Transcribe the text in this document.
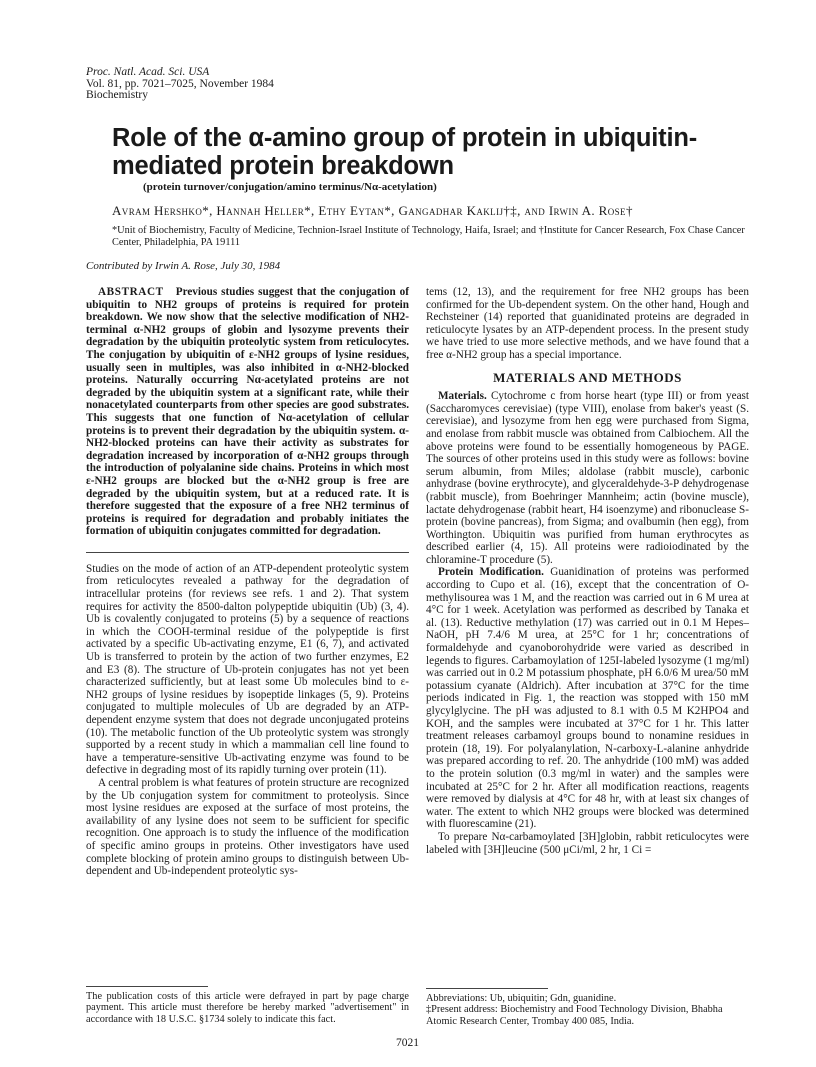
Proc. Natl. Acad. Sci. USA
Vol. 81, pp. 7021–7025, November 1984
Biochemistry
Role of the α-amino group of protein in ubiquitin-mediated protein breakdown
(protein turnover/conjugation/amino terminus/Nα-acetylation)
Avram Hershko*, Hannah Heller*, Ethy Eytan*, Gangadhar Kaklij†‡, and Irwin A. Rose†
*Unit of Biochemistry, Faculty of Medicine, Technion-Israel Institute of Technology, Haifa, Israel; and †Institute for Cancer Research, Fox Chase Cancer Center, Philadelphia, PA 19111
Contributed by Irwin A. Rose, July 30, 1984

ABSTRACT Previous studies suggest that the conjugation of ubiquitin to NH2 groups of proteins is required for protein breakdown. We now show that the selective modification of NH2-terminal α-NH2 groups of globin and lysozyme prevents their degradation by the ubiquitin proteolytic system from reticulocytes. The conjugation by ubiquitin of ε-NH2 groups of lysine residues, usually seen in multiples, was also inhibited in α-NH2-blocked proteins. Naturally occurring Nα-acetylated proteins are not degraded by the ubiquitin system at a significant rate, while their nonacetylated counterparts from other species are good substrates. This suggests that one function of Nα-acetylation of cellular proteins is to prevent their degradation by the ubiquitin system. α-NH2-blocked proteins can have their activity as substrates for degradation increased by incorporation of α-NH2 groups through the introduction of polyalanine side chains. Proteins in which most ε-NH2 groups are blocked but the α-NH2 group is free are degraded by the ubiquitin system, but at a reduced rate. It is therefore suggested that the exposure of a free NH2 terminus of proteins is required for degradation and probably initiates the formation of ubiquitin conjugates committed for degradation.

Studies on the mode of action of an ATP-dependent proteolytic system from reticulocytes revealed a pathway for the degradation of intracellular proteins (for reviews see refs. 1 and 2). That system requires for activity the 8500-dalton polypeptide ubiquitin (Ub) (3, 4). Ub is covalently conjugated to proteins (5) by a sequence of reactions in which the COOH-terminal residue of the polypeptide is first activated by a specific Ub-activating enzyme, E1 (6, 7), and activated Ub is transferred to protein by the action of two further enzymes, E2 and E3 (8). The structure of Ub-protein conjugates has not yet been characterized sufficiently, but at least some Ub molecules bind to ε-NH2 groups of lysine residues by isopeptide linkages (5, 9). Proteins conjugated to multiple molecules of Ub are degraded by an ATP-dependent enzyme system that does not degrade unconjugated proteins (10). The metabolic function of the Ub proteolytic system was strongly supported by a recent study in which a mammalian cell line found to have a temperature-sensitive Ub-activating enzyme was found to be defective in degrading most of its rapidly turning over protein (11).

A central problem is what features of protein structure are recognized by the Ub conjugation system for commitment to proteolysis. Since most lysine residues are exposed at the surface of most proteins, the availability of any lysine does not seem to be sufficient for specific recognition. One approach is to study the influence of the modification of specific amino groups in proteins. Other investigators have used complete blocking of protein amino groups to distinguish between Ub-dependent and Ub-independent proteolytic sys-

tems (12, 13), and the requirement for free NH2 groups has been confirmed for the Ub-dependent system. On the other hand, Hough and Rechsteiner (14) reported that guanidinated proteins are degraded in reticulocyte lysates by an ATP-dependent process. In the present study we have tried to use more selective methods, and we have found that a free α-NH2 group has a special importance.

MATERIALS AND METHODS

Materials. Cytochrome c from horse heart (type III) or from yeast (Saccharomyces cerevisiae) (type VIII), enolase from baker's yeast (S. cerevisiae), and lysozyme from hen egg were purchased from Sigma, and enolase from rabbit muscle was obtained from Calbiochem. All the above proteins were found to be essentially homogeneous by PAGE. The sources of other proteins used in this study were as follows: bovine serum albumin, from Miles; aldolase (rabbit muscle), carbonic anhydrase (bovine erythrocyte), and glyceraldehyde-3-P dehydrogenase (rabbit muscle), from Boehringer Mannheim; actin (bovine muscle), lactate dehydrogenase (rabbit heart, H4 isoenzyme) and ribonuclease S-protein (bovine pancreas), from Sigma; and ovalbumin (hen egg), from Worthington. Ubiquitin was purified from human erythrocytes as described earlier (4, 15). All proteins were radioiodinated by the chloramine-T procedure (5).

Protein Modification. Guanidination of proteins was performed according to Cupo et al. (16), except that the concentration of O-methylisourea was 1 M, and the reaction was carried out in 6 M urea at 4°C for 1 week. Acetylation was performed as described by Tanaka et al. (13). Reductive methylation (17) was carried out in 0.1 M Hepes–NaOH, pH 7.4/6 M urea, at 25°C for 1 hr; concentrations of formaldehyde and cyanoborohydride were varied as described in legends to figures. Carbamoylation of 125I-labeled lysozyme (1 mg/ml) was carried out in 0.2 M potassium phosphate, pH 6.0/6 M urea/50 mM potassium cyanate (Aldrich). After incubation at 37°C for the time periods indicated in Fig. 1, the reaction was stopped with 150 mM glycylglycine. The pH was adjusted to 8.1 with 0.5 M K2HPO4 and KOH, and the samples were incubated at 37°C for 1 hr. This latter treatment releases carbamoyl groups bound to nonamine residues in protein (18, 19). For polyalanylation, N-carboxy-L-alanine anhydride was prepared according to ref. 20. The anhydride (100 mM) was added to the protein solution (0.3 mg/ml in water) and the samples were incubated at 25°C for 2 hr. After all modification reactions, reagents were removed by dialysis at 4°C for 48 hr, with at least six changes of water. The extent to which NH2 groups were blocked was determined with fluorescamine (21).

To prepare Nα-carbamoylated [3H]globin, rabbit reticulocytes were labeled with [3H]leucine (500 μCi/ml, 2 hr, 1 Ci =

The publication costs of this article were defrayed in part by page charge payment. This article must therefore be hereby marked "advertisement" in accordance with 18 U.S.C. §1734 solely to indicate this fact.

Abbreviations: Ub, ubiquitin; Gdn, guanidine.

‡Present address: Biochemistry and Food Technology Division, Bhabha Atomic Research Center, Trombay 400 085, India.

7021
